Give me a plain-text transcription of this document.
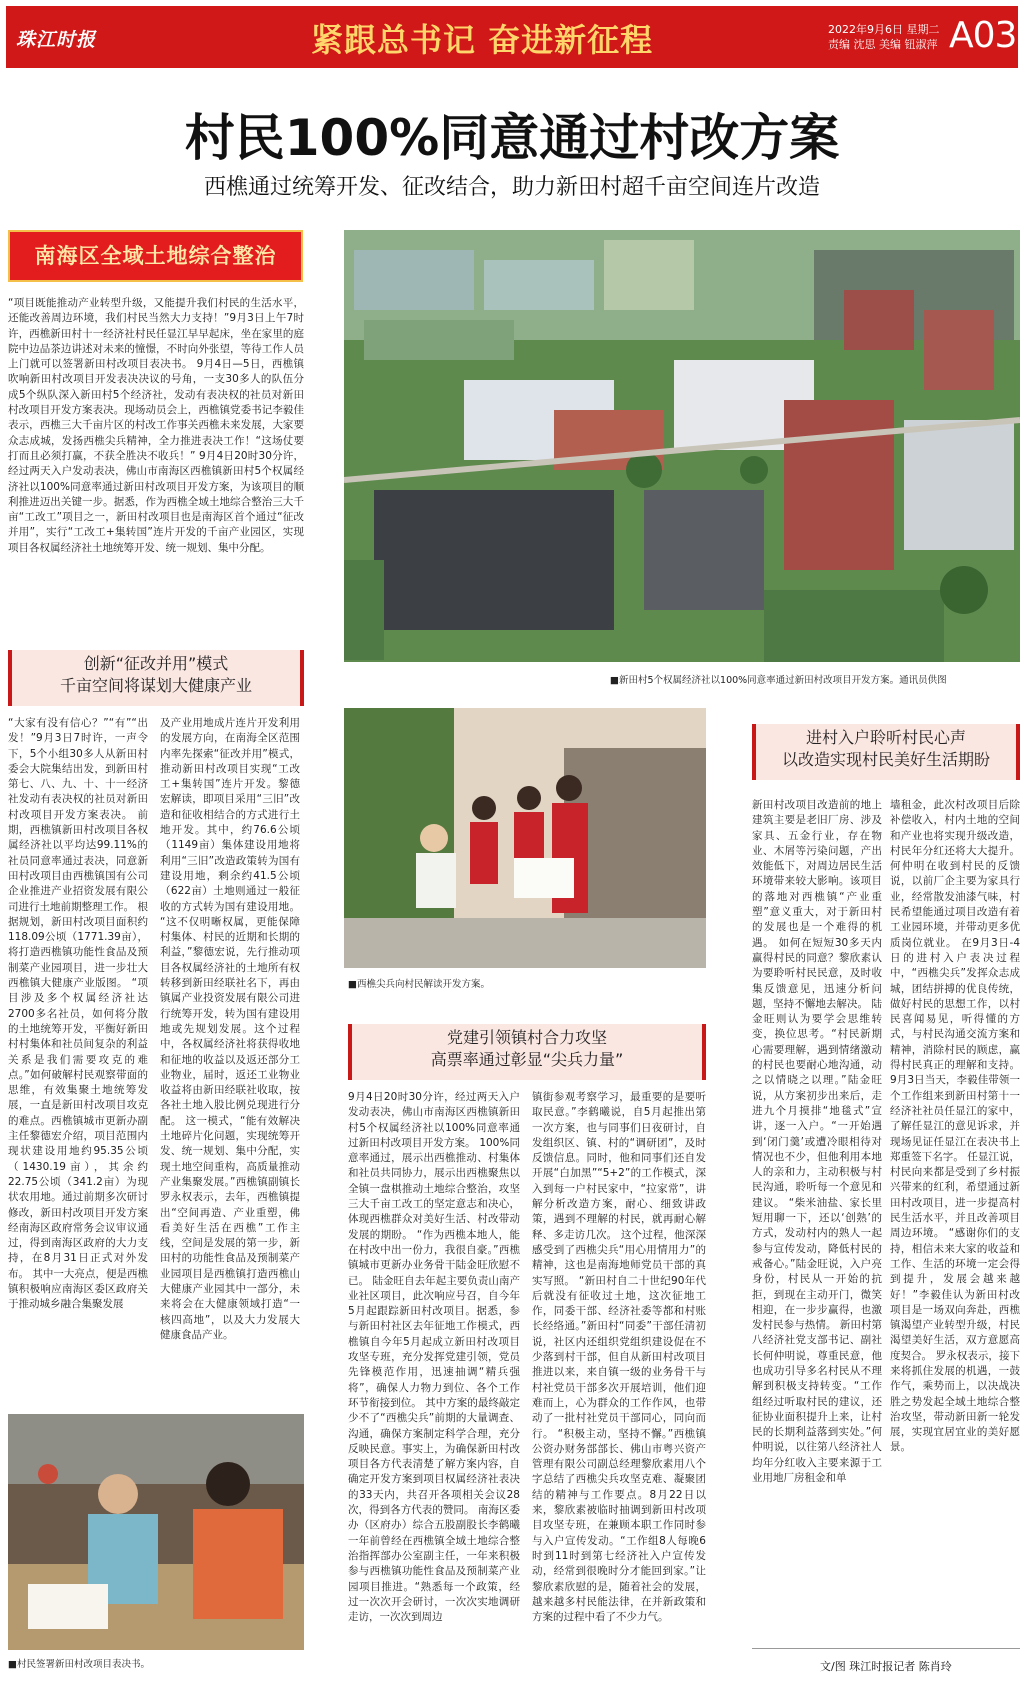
珠江时报	紧跟总书记 奋进新征程	2022年9月6日 星期二
责编 沈思 美编 钮淑萍 A03
村民100%同意通过村改方案
西樵通过统筹开发、征改结合，助力新田村超千亩空间连片改造
南海区全域土地综合整治
“项目既能推动产业转型升级，又能提升我们村民的生活水平，还能改善周边环境，我们村民当然大力支持！”9月3日上午7时许，西樵新田村十一经济社村民任显江早早起床，坐在家里的庭院中边品茶边讲述对未来的憧憬，不时向外张望，等待工作人员上门就可以签署新田村改项目表决书。 9月4日—5日，西樵镇吹响新田村改项目开发表决决议的号角，一支30多人的队伍分成5个纵队深入新田村5个经济社，发动有表决权的社员对新田村改项目开发方案表决。现场动员会上，西樵镇党委书记李毅佳表示，西樵三大千亩片区的村改工作事关西樵未来发展，大家要众志成城，发扬西樵尖兵精神，全力推进表决工作！“这场仗要打而且必须打赢，不获全胜决不收兵！” 9月4日20时30分许，经过两天入户发动表决，佛山市南海区西樵镇新田村5个权属经济社以100%同意率通过新田村改项目开发方案，为该项目的顺利推进迈出关键一步。据悉，作为西樵全域土地综合整治三大千亩“工改工”项目之一，新田村改项目也是南海区首个通过“征改并用”，实行“工改工+集转国”连片开发的千亩产业园区，实现项目各权属经济社土地统筹开发、统一规划、集中分配。
■新田村5个权属经济社以100%同意率通过新田村改项目开发方案。通讯员供图
创新“征改并用”模式
千亩空间将谋划大健康产业
“大家有没有信心？”“有”“出发！”9月3日7时许，一声令下，5个小组30多人从新田村委会大院集结出发，到新田村第七、八、九、十、十一经济社发动有表决权的社员对新田村改项目开发方案表决。 前期，西樵镇新田村改项目各权属经济社以平均达99.11%的社员同意率通过表决，同意新田村改项目由西樵镇国有公司企业推进产业招资发展有限公司进行土地前期整理工作。 根据规划，新田村改项目面积约118.09公顷（1771.39亩），将打造西樵镇功能性食品及预制菜产业园项目，进一步壮大西樵镇大健康产业版图。 “项目涉及多个权属经济社达2700多名社员，如何将分散的土地统筹开发，平衡好新田村村集体和社员间复杂的利益关系是我们需要攻克的难点。”如何破解村民观察带面的思维，有效集聚土地统筹发展，一直是新田村改项目攻克的难点。西樵镇城市更新办副主任黎德宏介绍，项目范围内现状建设用地约95.35公顷（1430.19亩），其余约22.75公顷（341.2亩）为现状农用地。通过前期多次研讨修改，新田村改项目开发方案经南海区政府常务会议审议通过，得到南海区政府的大力支持，在8月31日正式对外发布。 其中一大亮点，便是西樵镇积极响应南海区委区政府关于推动城乡融合集聚发展
及产业用地成片连片开发利用的发展方向，在南海全区范围内率先探索“征改并用”模式，推动新田村改项目实现“工改工+集转国”连片开发。黎德宏解读，即项目采用“三旧”改造和征收相结合的方式进行土地开发。其中，约76.6公顷（1149亩）集体建设用地将利用“三旧”改造政策转为国有建设用地，剩余约41.5公顷（622亩）土地则通过一般征收的方式转为国有建设用地。 “这不仅明晰权属，更能保障村集体、村民的近期和长期的利益，”黎德宏说，先行推动项目各权属经济社的土地所有权转移到新田经联社名下，再由镇属产业投资发展有限公司进行统筹开发，转为国有建设用地或先规划发展。这个过程中，各权属经济社将获得收地和征地的收益以及返还部分工业物业，届时，返还工业物业收益将由新田经联社收取，按各社土地入股比例兑现进行分配。 这一模式，“能有效解决土地碎片化问题，实现统筹开发、统一规划、集中分配，实现土地空间重构，高质量推动产业集聚发展。”西樵镇副镇长罗永权表示，去年，西樵镇提出“空间再造、产业重塑，佛看美好生活在西樵”工作主线，空间是发展的第一步，新田村的功能性食品及预制菜产业园项目是西樵镇打造西樵山大健康产业园其中一部分，未来将会在大健康领域打造“一核四高地”，以及大力发展大健康食品产业。
■西樵尖兵向村民解读开发方案。
党建引领镇村合力攻坚
高票率通过彰显“尖兵力量”
9月4日20时30分许，经过两天入户发动表决，佛山市南海区西樵镇新田村5个权属经济社以100%同意率通过新田村改项目开发方案。 100%同意率通过，展示出西樵推动、村集体和社员共同协力，展示出西樵聚焦以全镇一盘棋推动土地综合整治，攻坚三大千亩工改工的坚定意志和决心，体现西樵群众对美好生活、村改带动发展的期盼。 “作为西樵本地人，能在村改中出一份力，我很自豪。”西樵镇城市更新办业务骨干陆金旺欣慰不已。 陆金旺自去年起主要负责山南产业社区项目，此次响应号召，自今年5月起跟踪新田村改项目。据悉，参与新田村社区去年征地工作模式，西樵镇自今年5月起成立新田村改项目攻坚专班，充分发挥党建引领，党员先锋模范作用，迅速抽调“精兵强将”，确保人力物力到位、各个工作环节衔接到位。 其中方案的最终敲定少不了“西樵尖兵”前期的大量调查、沟通，确保方案制定科学合理，充分反映民意。事实上，为确保新田村改项目各方代表清楚了解方案内容，自确定开发方案到项目权属经济社表决的33天内，共召开各项相关会议28次，得到各方代表的赞同。 南海区委办（区府办）综合五股副股长李鹤曦一年前曾经在西樵镇全域土地综合整治指挥部办公室副主任，一年来积极参与西樵镇功能性食品及预制菜产业园项目推进。“熟悉每一个政策，经过一次次开会研讨，一次次实地调研走访，一次次到周边
镇街参观考察学习，最重要的是要听取民意。”李鹤曦说，自5月起推出第一次方案，也与同事们日夜研讨，自发组织区、镇、村的“调研团”，及时反馈信息。同时，他和同事们还自发开展“白加黑”“5+2”的工作模式，深入到每一户村民家中，“拉家常”，讲解分析改造方案，耐心、细致讲政策，遇到不理解的村民，就再耐心解释、多走访几次。 这个过程，他深深感受到了西樵尖兵“用心用情用力”的精神，这也是南海地师党员干部的真实写照。 “新田村自二十世纪90年代后就没有征收过土地，这次征地工作，同委干部、经济社委等都和村账长经络通。”新田村“同委”干部任清初说，社区内还组织党组织建设促在不少落到村干部，但自从新田村改项目推进以来，来自镇一级的业务骨干与村社党员干部多次开展培训，他们迎难而上，心为群众的工作作风，也带动了一批村社党员干部同心，同向而行。 “积极主动，坚持不懈。”西樵镇公资办财务部部长、佛山市粤兴资产管理有限公司副总经理黎欣素用八个字总结了西樵尖兵攻坚克难、凝聚团结的精神与工作要点。8月22日以来，黎欣素被临时抽调到新田村改项目攻坚专班，在兼顾本职工作同时参与入户宣传发动。“工作组8人每晚6时到11时到第七经济社入户宣传发动，经常到很晚时分才能回到家。”让黎欣素欣慰的是，随着社会的发展，越来越多村民能法律，在并新政策和方案的过程中看了不少力气。
进村入户聆听村民心声
以改造实现村民美好生活期盼
新田村改项目改造前的地上建筑主要是老旧厂房、涉及家具、五金行业，存在物业、木屑等污染问题，产出效能低下，对周边居民生活环境带来较大影响。该项目的落地对西樵镇“产业重塑”意义重大，对于新田村的发展也是一个难得的机遇。 如何在短短30多天内赢得村民的同意？黎欣素认为要聆听村民民意，及时收集反馈意见，迅速分析问题，坚持不懈地去解决。 陆金旺则认为要学会思维转变，换位思考。“村民新期心需要理解，遇到情绪激动的村民也要耐心地沟通，动之以情晓之以理。”陆金旺说，从方案初步出来后，走进九个月摸排“地毯式”宣讲，逐一入户。“一开始遇到‘闭门羹’或遭冷眼相待对情况也不少，但他利用本地人的亲和力，主动积极与村民沟通，聆听每一个意见和建议。 “柴米油盐、家长里短用聊一下，还以‘创熟’的方式，发动村内的熟人一起参与宣传发动，降低村民的戒备心。”陆金旺说，入户亮身份，村民从一开始的抗拒，到现在主动开门，微笑相迎，在一步步赢得，也激发村民参与热情。 新田村第八经济社党支部书记、副社长何仲明说，尊重民意，他也成功引导多名村民从不理解到积极支持转变。“工作组经过听取村民的建议，还征协业面积提升上来，让村民的长期利益落到实处。”何仲明说，以往第八经济社人均年分红收入主要来源于工业用地厂房租金和单
墙租金，此次村改项目后除补偿收入，村内土地的空间和产业也将实现升级改造，村民年分红还将大大提升。 何仲明在收到村民的反馈说，以前厂企主要为家具行业，经常散发油漆气味，村民希望能通过项目改造有着工业园环境，并带动更多优质岗位就业。 在9月3日-4日的进村入户表决过程中，“西樵尖兵”发挥众志成城，团结拼搏的优良传统，做好村民的思想工作，以村民喜闻易见，听得懂的方式，与村民沟通交流方案和精神，消除村民的顾虑，赢得村民真正的理解和支持。 9月3日当天，李毅佳带领一个工作组来到新田村第十一经济社社员任显江的家中，了解任显江的意见诉求，并现场见证任显江在表决书上郑重签下名字。 任显江说，村民向来都是受到了乡村振兴带来的红利，希望通过新田村改项目，进一步提高村民生活水平，并且改善项目周边环境。 “感谢你们的支持，相信未来大家的收益和工作、生活的环境一定会得到提升，发展会越来越好！”李毅佳认为新田村改项目是一场双向奔赴，西樵镇渴望产业转型升级，村民渴望美好生活，双方意愿高度契合。 罗永权表示，接下来将抓住发展的机遇，一鼓作气，乘势而上，以决战决胜之势发起全域土地综合整治攻坚，带动新田新一轮发展，实现宜居宜业的美好愿景。
■村民签署新田村改项目表决书。	文/图 珠江时报记者 陈肖玲
